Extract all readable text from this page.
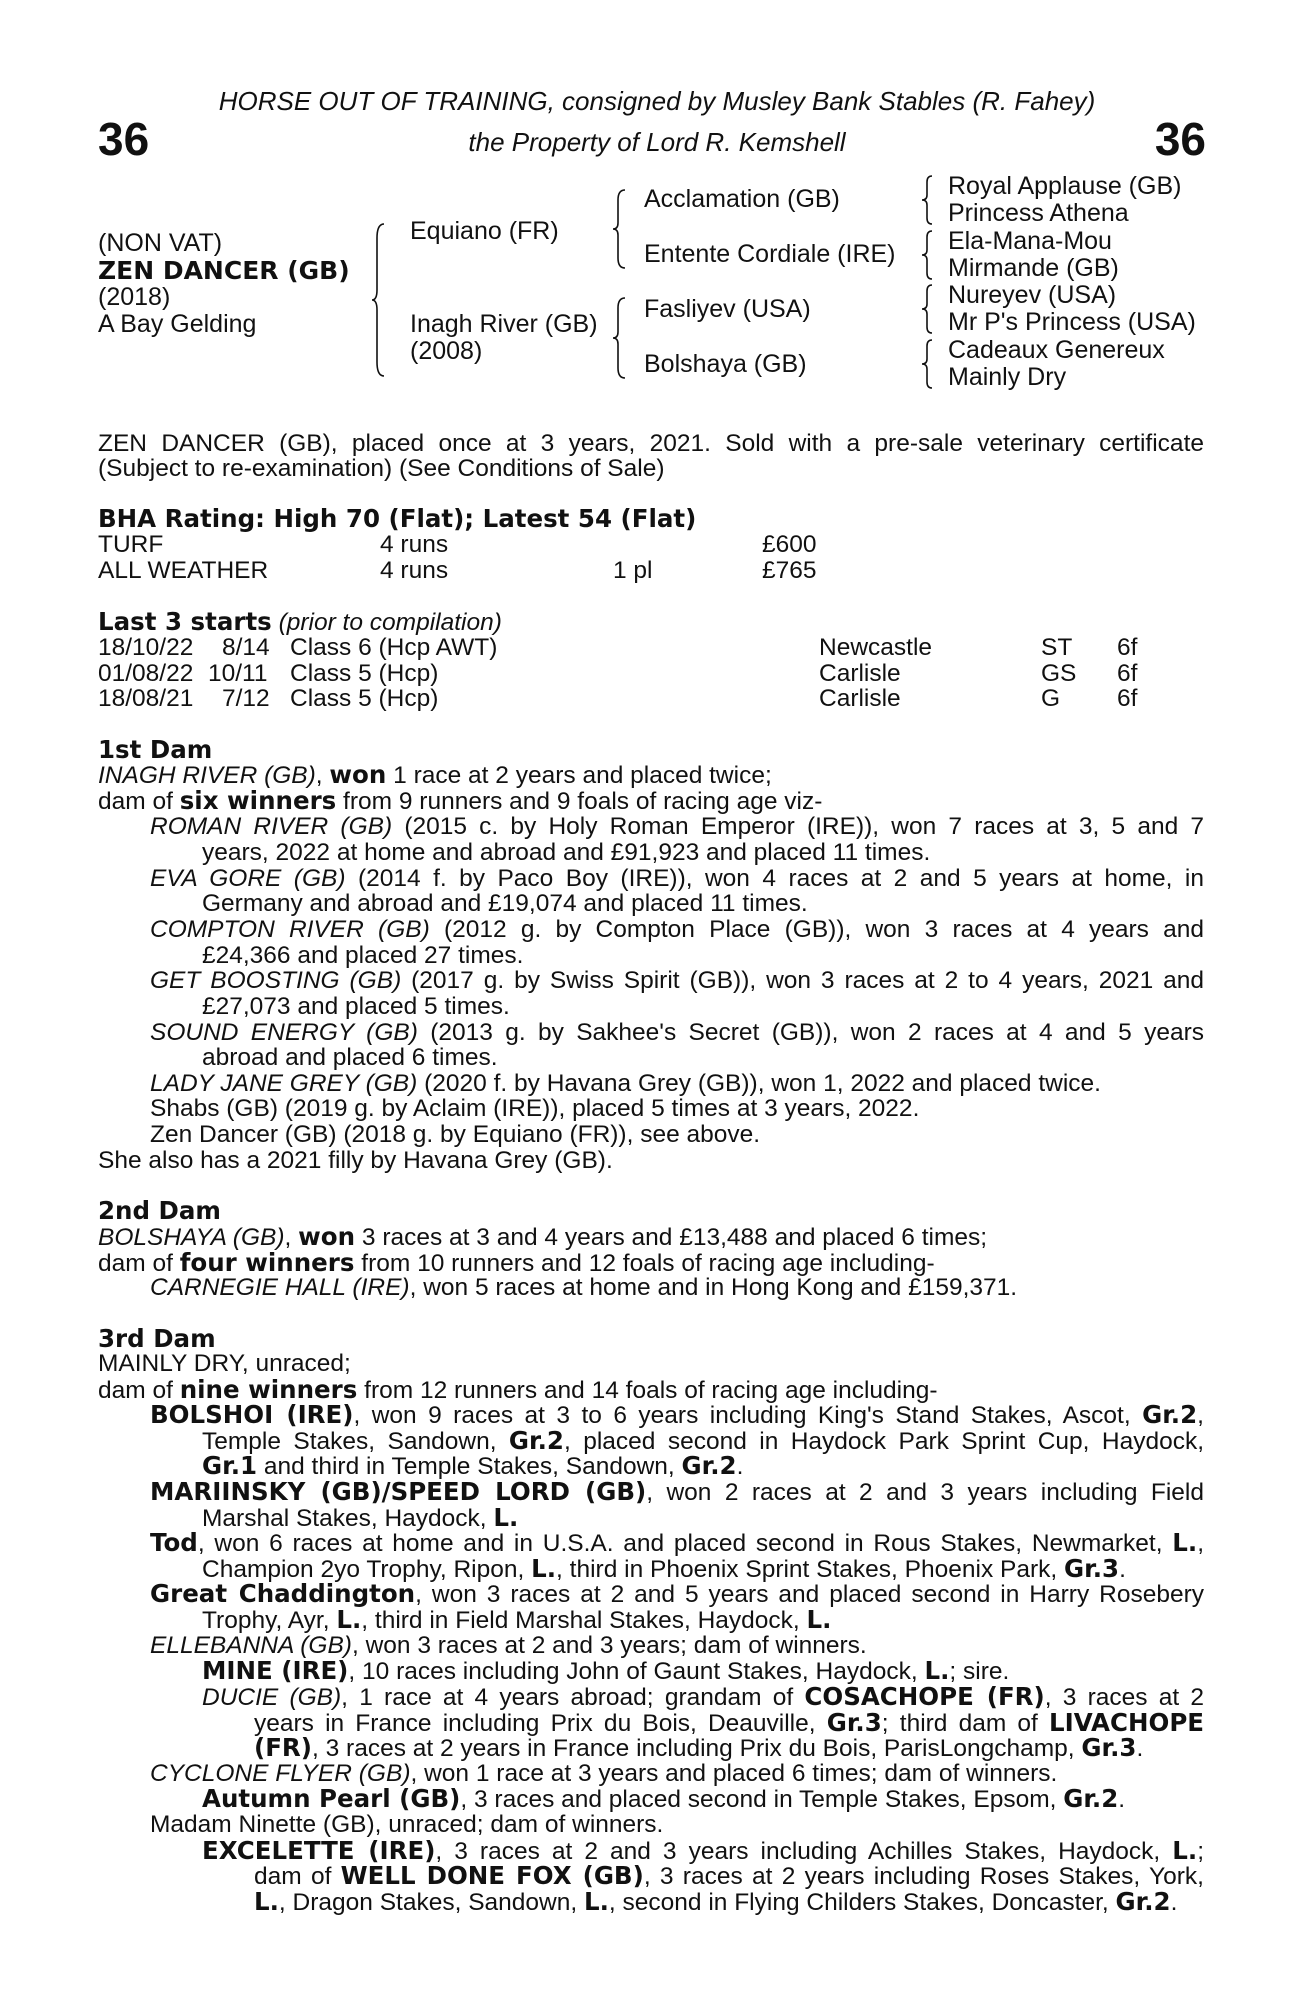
HORSE OUT OF TRAINING, consigned by Musley Bank Stables (R. Fahey)
the Property of Lord R. Kemshell
36	36
(NON VAT)
ZEN DANCER (GB)
(2018)
A Bay Gelding
Equiano (FR)
Inagh River (GB)
(2008)
Acclamation (GB)
Entente Cordiale (IRE)
Fasliyev (USA)
Bolshaya (GB)
Royal Applause (GB)
Princess Athena
Ela-Mana-Mou
Mirmande (GB)
Nureyev (USA)
Mr P's Princess (USA)
Cadeaux Genereux
Mainly Dry
ZEN DANCER (GB), placed once at 3 years, 2021. Sold with a pre-sale veterinary certificate
(Subject to re-examination) (See Conditions of Sale)
BHA Rating: High 70 (Flat); Latest 54 (Flat)
TURF	4 runs	£600
ALL WEATHER	4 runs	1 pl	£765
Last 3 starts (prior to compilation)
18/10/22 8/14 Class 6 (Hcp AWT)	Newcastle	ST 6f
01/08/22 10/11 Class 5 (Hcp)	Carlisle	GS 6f
18/08/21 7/12 Class 5 (Hcp)	Carlisle	G 6f
1st Dam
INAGH RIVER (GB), won 1 race at 2 years and placed twice;
dam of six winners from 9 runners and 9 foals of racing age viz-
ROMAN RIVER (GB) (2015 c. by Holy Roman Emperor (IRE)), won 7 races at 3, 5 and 7
years, 2022 at home and abroad and £91,923 and placed 11 times.
EVA GORE (GB) (2014 f. by Paco Boy (IRE)), won 4 races at 2 and 5 years at home, in
Germany and abroad and £19,074 and placed 11 times.
COMPTON RIVER (GB) (2012 g. by Compton Place (GB)), won 3 races at 4 years and
£24,366 and placed 27 times.
GET BOOSTING (GB) (2017 g. by Swiss Spirit (GB)), won 3 races at 2 to 4 years, 2021 and
£27,073 and placed 5 times.
SOUND ENERGY (GB) (2013 g. by Sakhee's Secret (GB)), won 2 races at 4 and 5 years
abroad and placed 6 times.
LADY JANE GREY (GB) (2020 f. by Havana Grey (GB)), won 1, 2022 and placed twice.
Shabs (GB) (2019 g. by Aclaim (IRE)), placed 5 times at 3 years, 2022.
Zen Dancer (GB) (2018 g. by Equiano (FR)), see above.
She also has a 2021 filly by Havana Grey (GB).
2nd Dam
BOLSHAYA (GB), won 3 races at 3 and 4 years and £13,488 and placed 6 times;
dam of four winners from 10 runners and 12 foals of racing age including-
CARNEGIE HALL (IRE), won 5 races at home and in Hong Kong and £159,371.
3rd Dam
MAINLY DRY, unraced;
dam of nine winners from 12 runners and 14 foals of racing age including-
BOLSHOI (IRE), won 9 races at 3 to 6 years including King's Stand Stakes, Ascot, Gr.2,
Temple Stakes, Sandown, Gr.2, placed second in Haydock Park Sprint Cup, Haydock,
Gr.1 and third in Temple Stakes, Sandown, Gr.2.
MARIINSKY (GB)/SPEED LORD (GB), won 2 races at 2 and 3 years including Field
Marshal Stakes, Haydock, L.
Tod, won 6 races at home and in U.S.A. and placed second in Rous Stakes, Newmarket, L.,
Champion 2yo Trophy, Ripon, L., third in Phoenix Sprint Stakes, Phoenix Park, Gr.3.
Great Chaddington, won 3 races at 2 and 5 years and placed second in Harry Rosebery
Trophy, Ayr, L., third in Field Marshal Stakes, Haydock, L.
ELLEBANNA (GB), won 3 races at 2 and 3 years; dam of winners.
MINE (IRE), 10 races including John of Gaunt Stakes, Haydock, L.; sire.
DUCIE (GB), 1 race at 4 years abroad; grandam of COSACHOPE (FR), 3 races at 2
years in France including Prix du Bois, Deauville, Gr.3; third dam of LIVACHOPE
(FR), 3 races at 2 years in France including Prix du Bois, ParisLongchamp, Gr.3.
CYCLONE FLYER (GB), won 1 race at 3 years and placed 6 times; dam of winners.
Autumn Pearl (GB), 3 races and placed second in Temple Stakes, Epsom, Gr.2.
Madam Ninette (GB), unraced; dam of winners.
EXCELETTE (IRE), 3 races at 2 and 3 years including Achilles Stakes, Haydock, L.;
dam of WELL DONE FOX (GB), 3 races at 2 years including Roses Stakes, York,
L., Dragon Stakes, Sandown, L., second in Flying Childers Stakes, Doncaster, Gr.2.
